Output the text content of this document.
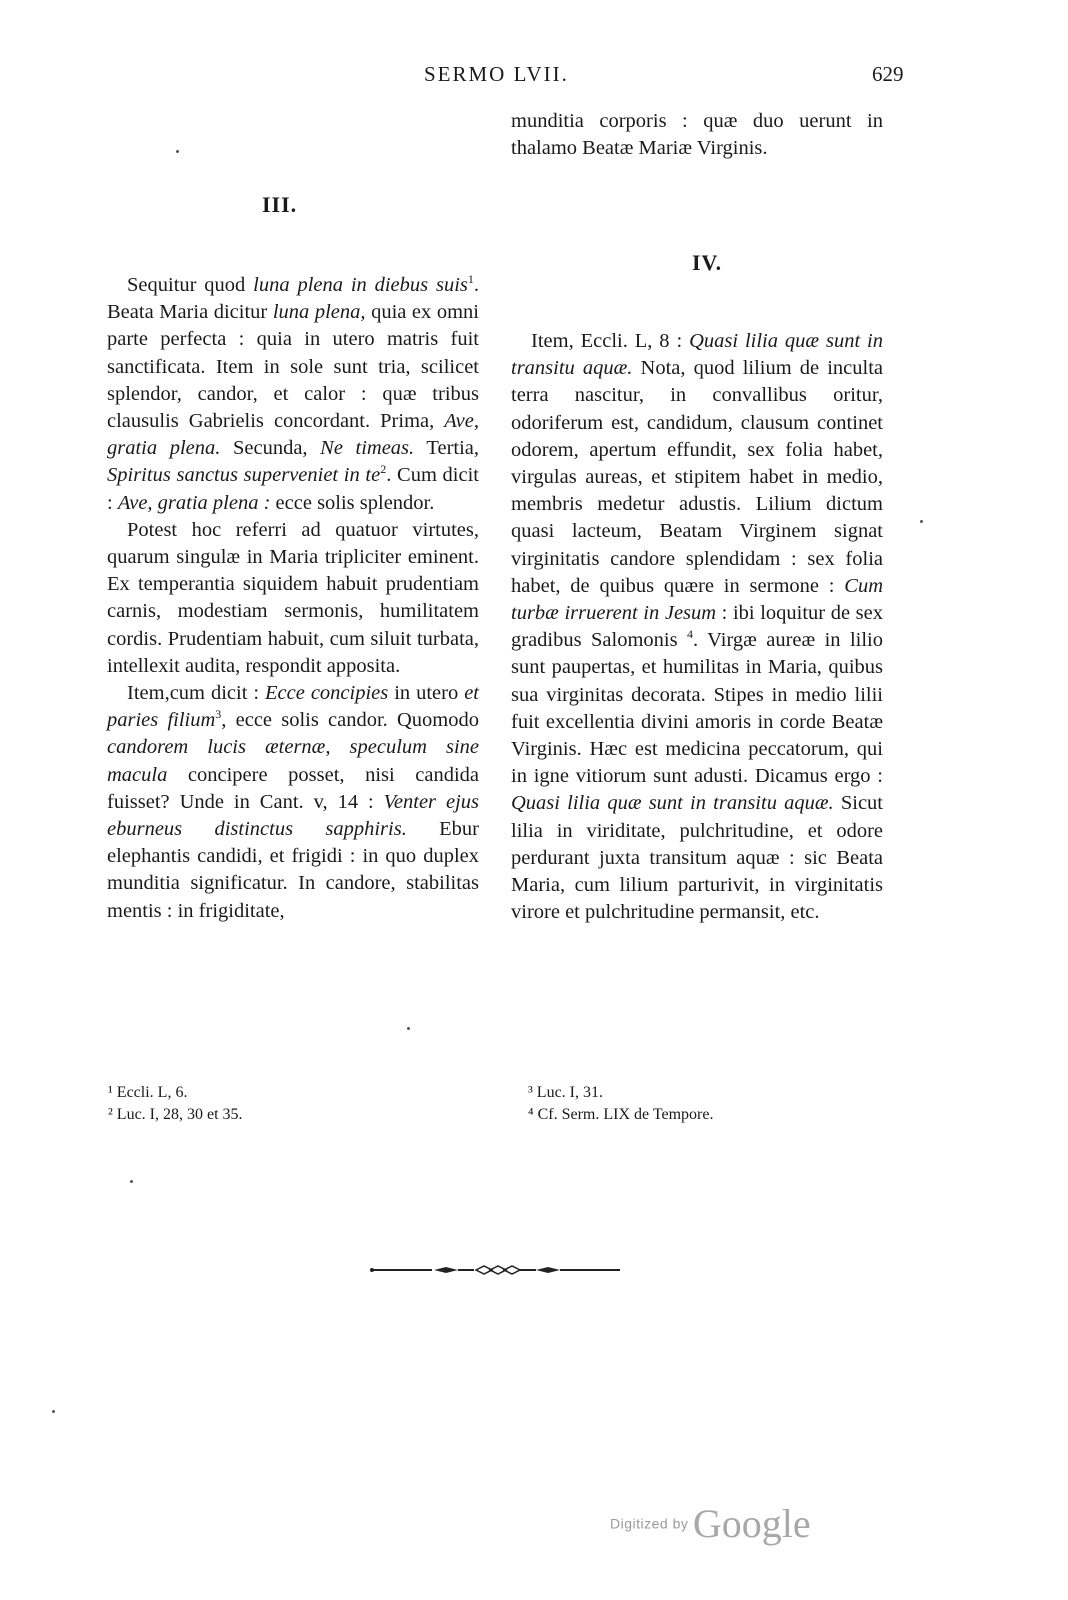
SERMO LVII.	629
III.

Sequitur quod luna plena in diebus suis$^1$. Beata Maria dicitur luna plena, quia ex omni parte perfecta : quia in utero matris fuit sanctificata. Item in sole sunt tria, scilicet splendor, candor, et calor : quæ tribus clausulis Gabrielis concordant. Prima, Ave, gratia plena. Secunda, Ne timeas. Tertia, Spiritus sanctus superveniet in $te^2$. Cum dicit : Ave, gratia plena : ecce solis splendor.

Potest hoc referri ad quatuor virtutes, quarum singulæ in Maria tripliciter eminent. Ex temperantia siquidem habuit prudentiam carnis, modestiam sermonis, humilitatem cordis. Prudentiam habuit, cum siluit turbata, intellexit audita, respondit apposita.

Item,cum dicit : Ecce concipies in utero et paries filium$^3$, ecce solis candor. Quomodo candorem lucis æternæ, speculum sine macula concipere posset, nisi candida fuisset? Unde in Cant. v, 14 : Venter ejus eburneus distinctus sapphiris. Ebur elephantis candidi, et frigidi : in quo duplex munditia significatur. In candore, stabilitas mentis : in frigiditate,

munditia corporis : quæ duo uerunt in thalamo Beatæ Mariæ Virginis.

IV.

Item, Eccli. L, 8 : Quasi lilia quæ sunt in transitu aquæ. Nota, quod lilium de inculta terra nascitur, in convallibus oritur, odoriferum est, candidum, clausum continet odorem, apertum effundit, sex folia habet, virgulas aureas, et stipitem habet in medio, membris medetur adustis. Lilium dictum quasi lacteum, Beatam Virginem signat virginitatis candore splendidam : sex folia habet, de quibus quære in sermone : Cum turbæ irruerent in Jesum : ibi loquitur de sex gradibus Salomonis $^4$. Virgæ aureæ in lilio sunt paupertas, et humilitas in Maria, quibus sua virginitas decorata. Stipes in medio lilii fuit excellentia divini amoris in corde Beatæ Virginis. Hæc est medicina peccatorum, qui in igne vitiorum sunt adusti. Dicamus ergo : Quasi lilia quæ sunt in transitu aquæ. Sicut lilia in viriditate, pulchritudine, et odore perdurant juxta transitum aquæ : sic Beata Maria, cum lilium parturivit, in virginitatis virore et pulchritudine permansit, etc.

¹ Eccli. L, 6.

² Luc. I, 28, 30 et 35.

³ Luc. I, 31.

⁴ Cf. Serm. LIX de Tempore.

Digitized by Google
